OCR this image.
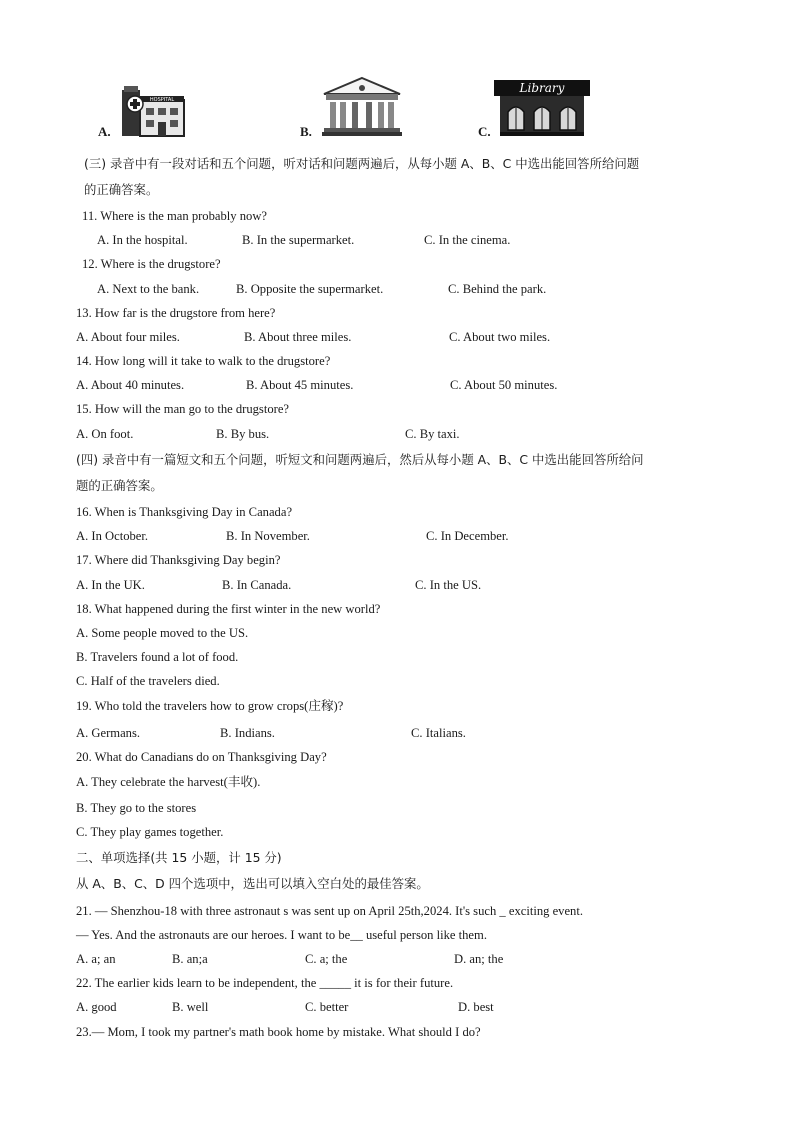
A.
HOSPITAL
B.	C.
Library
(三) 录音中有一段对话和五个问题，听对话和问题两遍后，从每小题 A、B、C 中选出能回答所给问题
的正确答案。
11. Where is the man probably now?
A. In the hospital.	B. In the supermarket.	C. In the cinema.
12. Where is the drugstore?
A. Next to the bank.	B. Opposite the supermarket.	C. Behind the park.
13. How far is the drugstore from here?
A. About four miles.	B. About three miles.	C. About two miles.
14. How long will it take to walk to the drugstore?
A. About 40 minutes.	B. About 45 minutes.	C. About 50 minutes.
15. How will the man go to the drugstore?
A. On foot.	B. By bus.	C. By taxi.
(四) 录音中有一篇短文和五个问题，听短文和问题两遍后，然后从每小题 A、B、C 中选出能回答所给问
题的正确答案。
16. When is Thanksgiving Day in Canada?
A. In October.	B. In November.	C. In December.
17. Where did Thanksgiving Day begin?
A. In the UK.	B. In Canada.	C. In the US.
18. What happened during the first winter in the new world?
A. Some people moved to the US.
B. Travelers found a lot of food.
C. Half of the travelers died.
19. Who told the travelers how to grow crops(庄稼)?
A. Germans.	B. Indians.	C. Italians.
20. What do Canadians do on Thanksgiving Day?
A. They celebrate the harvest(丰收).
B. They go to the stores
C. They play games together.
二、单项选择(共 15 小题，计 15 分)
从 A、B、C、D 四个选项中，选出可以填入空白处的最佳答案。
21. — Shenzhou-18 with three astronaut s was sent up on April 25th,2024. It's such _ exciting event.
— Yes. And the astronauts are our heroes. I want to be__ useful person like them.
A. a; an	B. an;a	C. a; the	D. an; the
22. The earlier kids learn to be independent, the _____ it is for their future.
A. good	B. well	C. better	D. best
23.— Mom, I took my partner's math book home by mistake. What should I do?
